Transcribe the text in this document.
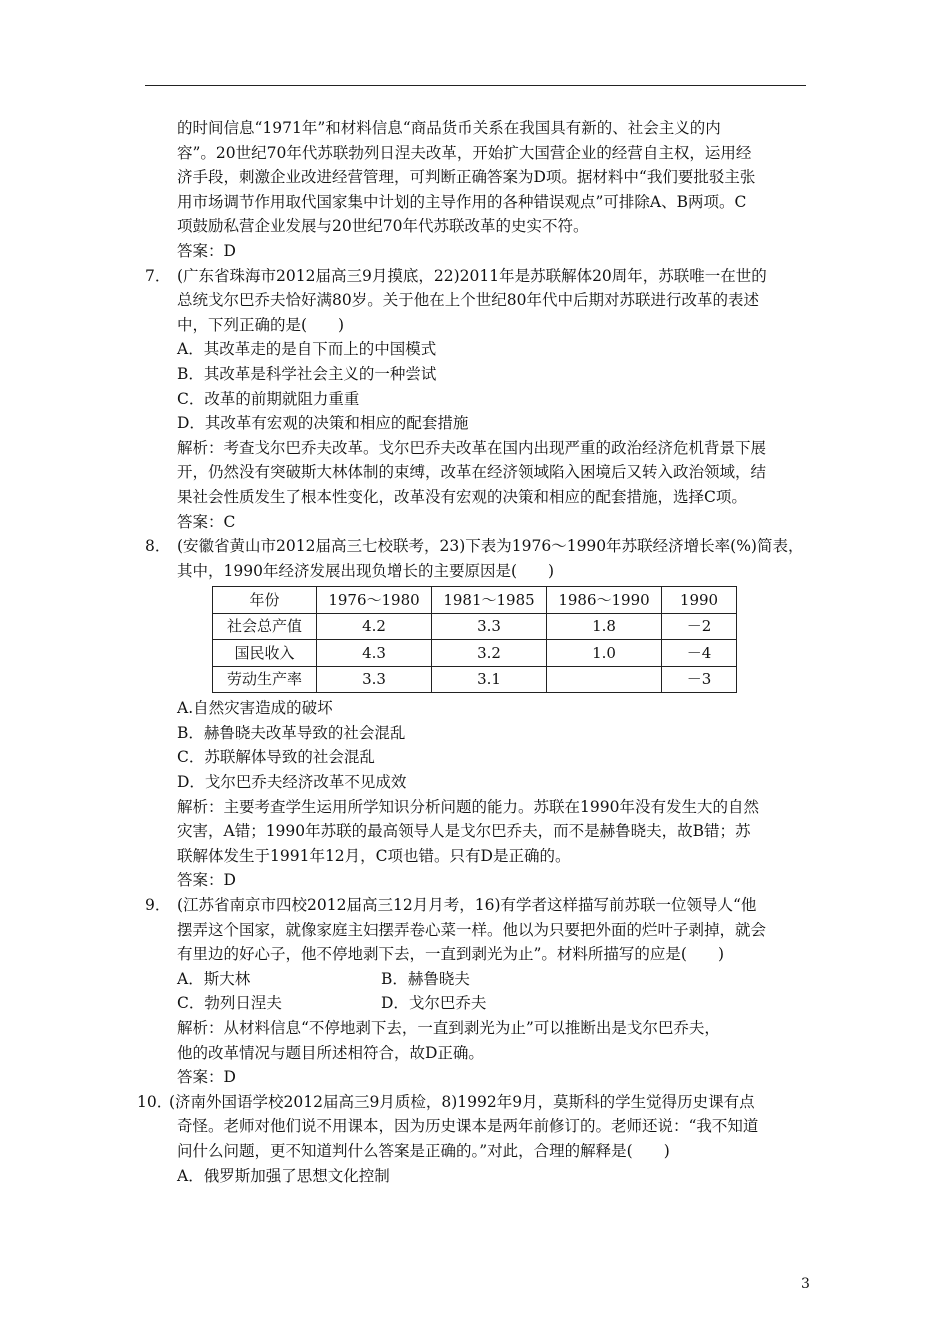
的时间信息“1971年”和材料信息“商品货币关系在我国具有新的、社会主义的内
容”。20世纪70年代苏联勃列日涅夫改革，开始扩大国营企业的经营自主权，运用经
济手段，刺激企业改进经营管理，可判断正确答案为D项。据材料中“我们要批驳主张
用市场调节作用取代国家集中计划的主导作用的各种错误观点”可排除A、B两项。C
项鼓励私营企业发展与20世纪70年代苏联改革的史实不符。
答案：D
7． (广东省珠海市2012届高三9月摸底，22)2011年是苏联解体20周年，苏联唯一在世的
总统戈尔巴乔夫恰好满80岁。关于他在上个世纪80年代中后期对苏联进行改革的表述
中，下列正确的是(　　)
A．其改革走的是自下而上的中国模式
B．其改革是科学社会主义的一种尝试
C．改革的前期就阻力重重
D．其改革有宏观的决策和相应的配套措施
解析：考查戈尔巴乔夫改革。戈尔巴乔夫改革在国内出现严重的政治经济危机背景下展
开，仍然没有突破斯大林体制的束缚，改革在经济领域陷入困境后又转入政治领域，结
果社会性质发生了根本性变化，改革没有宏观的决策和相应的配套措施，选择C项。
答案：C
8． (安徽省黄山市2012届高三七校联考，23)下表为1976～1990年苏联经济增长率(%)简表，
其中，1990年经济发展出现负增长的主要原因是(　　)
年份	1976～1980	1981～1985	1986～1990	1990
社会总产值	4.2	3.3	1.8	－2
国民收入	4.3	3.2	1.0	－4
劳动生产率	3.3	3.1		－3
A.自然灾害造成的破坏
B．赫鲁晓夫改革导致的社会混乱
C．苏联解体导致的社会混乱
D．戈尔巴乔夫经济改革不见成效
解析：主要考查学生运用所学知识分析问题的能力。苏联在1990年没有发生大的自然
灾害，A错；1990年苏联的最高领导人是戈尔巴乔夫，而不是赫鲁晓夫，故B错；苏
联解体发生于1991年12月，C项也错。只有D是正确的。
答案：D
9． (江苏省南京市四校2012届高三12月月考，16)有学者这样描写前苏联一位领导人“他
摆弄这个国家，就像家庭主妇摆弄卷心菜一样。他以为只要把外面的烂叶子剥掉，就会
有里边的好心子，他不停地剥下去，一直到剥光为止”。材料所描写的应是(　　)
A．斯大林	B．赫鲁晓夫
C．勃列日涅夫	D．戈尔巴乔夫
解析：从材料信息“不停地剥下去，一直到剥光为止”可以推断出是戈尔巴乔夫，
他的改革情况与题目所述相符合，故D正确。
答案：D
10．(济南外国语学校2012届高三9月质检，8)1992年9月，莫斯科的学生觉得历史课有点
奇怪。老师对他们说不用课本，因为历史课本是两年前修订的。老师还说：“我不知道
问什么问题，更不知道判什么答案是正确的。”对此，合理的解释是(　　)
A．俄罗斯加强了思想文化控制
3
